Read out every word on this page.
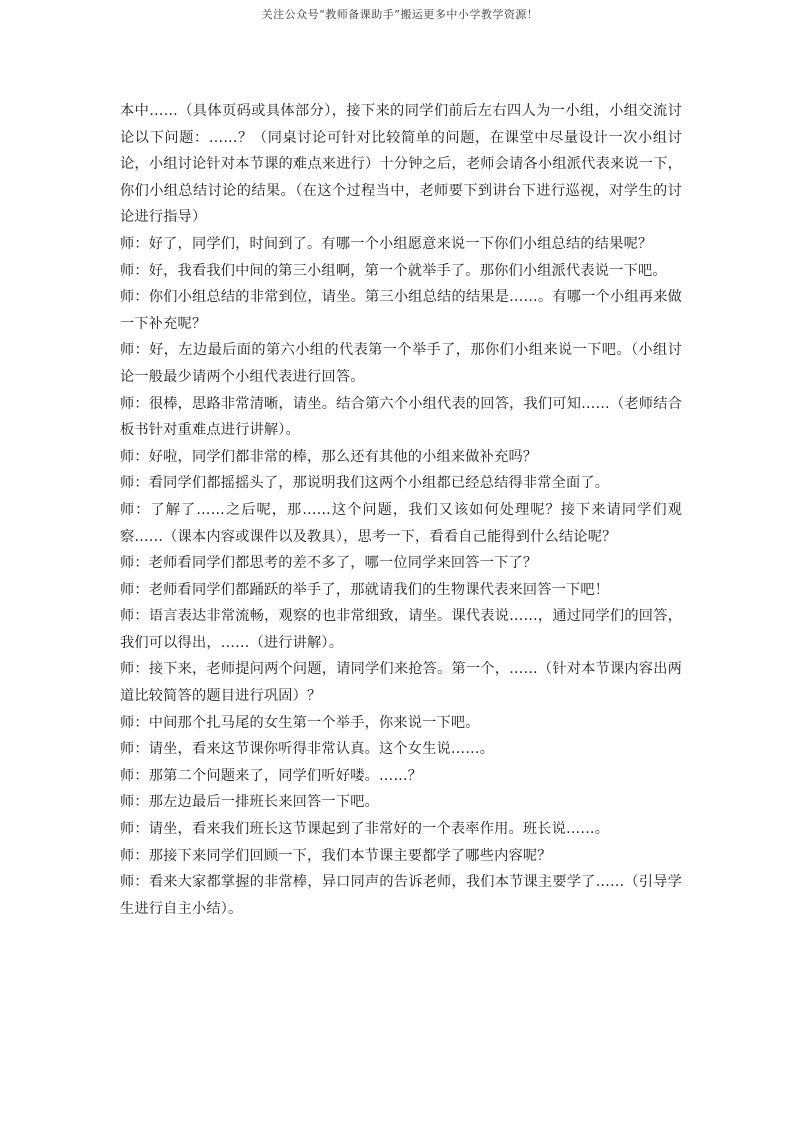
关注公众号“教师备课助手”搬运更多中小学教学资源！

本中……（具体页码或具体部分），接下来的同学们前后左右四人为一小组，小组交流讨论以下问题：……？（同桌讨论可针对比较简单的问题，在课堂中尽量设计一次小组讨论，小组讨论针对本节课的难点来进行）十分钟之后，老师会请各小组派代表来说一下，你们小组总结讨论的结果。（在这个过程当中，老师要下到讲台下进行巡视，对学生的讨论进行指导）

师：好了，同学们，时间到了。有哪一个小组愿意来说一下你们小组总结的结果呢？

师：好，我看我们中间的第三小组啊，第一个就举手了。那你们小组派代表说一下吧。

师：你们小组总结的非常到位，请坐。第三小组总结的结果是……。有哪一个小组再来做一下补充呢？

师：好，左边最后面的第六小组的代表第一个举手了，那你们小组来说一下吧。（小组讨论一般最少请两个小组代表进行回答。

师：很棒，思路非常清晰，请坐。结合第六个小组代表的回答，我们可知……（老师结合板书针对重难点进行讲解）。

师：好啦，同学们都非常的棒，那么还有其他的小组来做补充吗？

师：看同学们都摇摇头了，那说明我们这两个小组都已经总结得非常全面了。

师：了解了……之后呢，那……这个问题，我们又该如何处理呢？接下来请同学们观察……（课本内容或课件以及教具），思考一下，看看自己能得到什么结论呢？

师：老师看同学们都思考的差不多了，哪一位同学来回答一下了？

师：老师看同学们都踊跃的举手了，那就请我们的生物课代表来回答一下吧！

师：语言表达非常流畅，观察的也非常细致，请坐。课代表说……，通过同学们的回答，我们可以得出，……（进行讲解）。

师：接下来，老师提问两个问题，请同学们来抢答。第一个，……（针对本节课内容出两道比较简答的题目进行巩固）？

师：中间那个扎马尾的女生第一个举手，你来说一下吧。

师：请坐，看来这节课你听得非常认真。这个女生说……。

师：那第二个问题来了，同学们听好喽。……？

师：那左边最后一排班长来回答一下吧。

师：请坐，看来我们班长这节课起到了非常好的一个表率作用。班长说……。

师：那接下来同学们回顾一下，我们本节课主要都学了哪些内容呢？

师：看来大家都掌握的非常棒，异口同声的告诉老师，我们本节课主要学了……（引导学生进行自主小结）。
